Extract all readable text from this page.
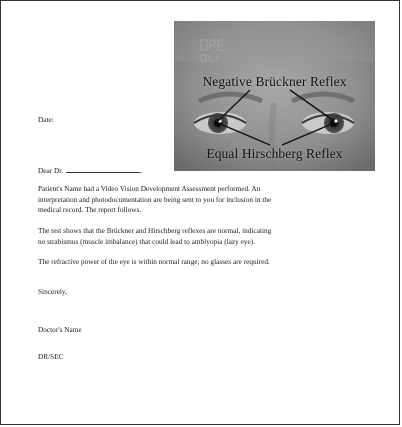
Negative Brückner Reflex
Equal Hirschberg Reflex
Date:
Dear Dr.	,
Patient's Name had a Video Vision Development Assessment performed. An
interpretation and photodocumentation are being sent to you for inclusion in the
medical record. The report follows.
The test shows that the Brückner and Hirschberg reflexes are normal, indicating
no strabismus (muscle imbalance) that could lead to amblyopia (lazy eye).
The refractive power of the eye is within normal range; no glasses are required.
Sincerely,
Doctor's Name
DR/SEC
